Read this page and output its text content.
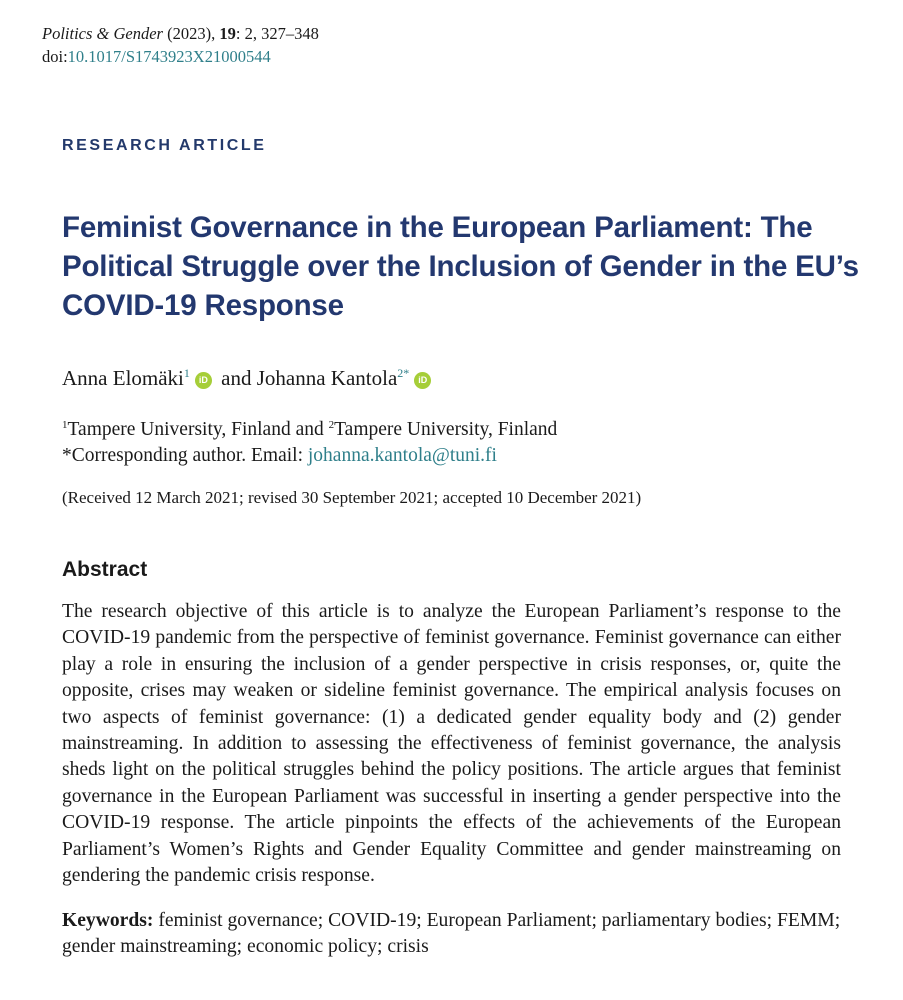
Politics & Gender (2023), 19: 2, 327–348
doi:10.1017/S1743923X21000544
RESEARCH ARTICLE
Feminist Governance in the European Parliament: The Political Struggle over the Inclusion of Gender in the EU’s COVID-19 Response
Anna Elomäki$^1$ iD and Johanna Kantola$^{2*}$ iD
$^1$Tampere University, Finland and $^2$Tampere University, Finland
*Corresponding author. Email: johanna.kantola@tuni.fi
(Received 12 March 2021; revised 30 September 2021; accepted 10 December 2021)
Abstract

The research objective of this article is to analyze the European Parliament’s response to the COVID-19 pandemic from the perspective of feminist governance. Feminist governance can either play a role in ensuring the inclusion of a gender perspective in crisis responses, or, quite the opposite, crises may weaken or sideline feminist governance. The empirical analysis focuses on two aspects of feminist governance: (1) a dedicated gender equality body and (2) gender mainstreaming. In addition to assessing the effectiveness of feminist governance, the analysis sheds light on the political struggles behind the policy positions. The article argues that feminist governance in the European Parliament was successful in inserting a gender perspective into the COVID-19 response. The article pinpoints the effects of the achievements of the European Parliament’s Women’s Rights and Gender Equality Committee and gender mainstreaming on gendering the pandemic crisis response.

Keywords: feminist governance; COVID-19; European Parliament; parliamentary bodies; FEMM; gender mainstreaming; economic policy; crisis
